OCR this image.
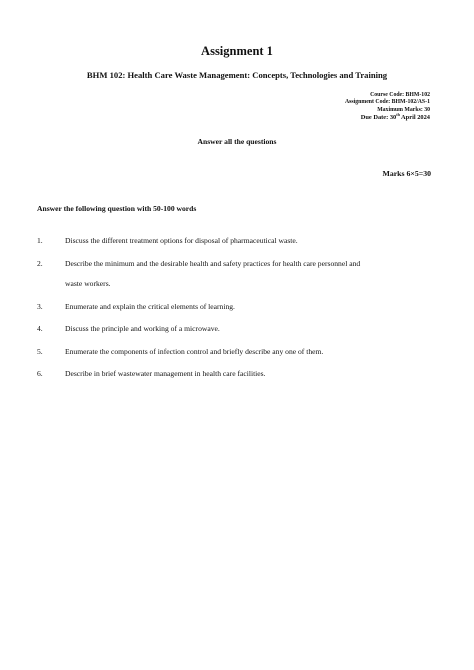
Assignment 1
BHM 102: Health Care Waste Management: Concepts, Technologies and Training
Course Code: BHM-102
Assignment Code: BHM-102/AS-1
Maximum Marks: 30
Due Date: 30th April 2024
Answer all the questions
Marks 6×5=30
Answer the following question with 50-100 words
1.	Discuss the different treatment options for disposal of pharmaceutical waste.
2.	Describe the minimum and the desirable health and safety practices for health care personnel and
waste workers.
3.	Enumerate and explain the critical elements of learning.
4.	Discuss the principle and working of a microwave.
5.	Enumerate the components of infection control and briefly describe any one of them.
6.	Describe in brief wastewater management in health care facilities.
